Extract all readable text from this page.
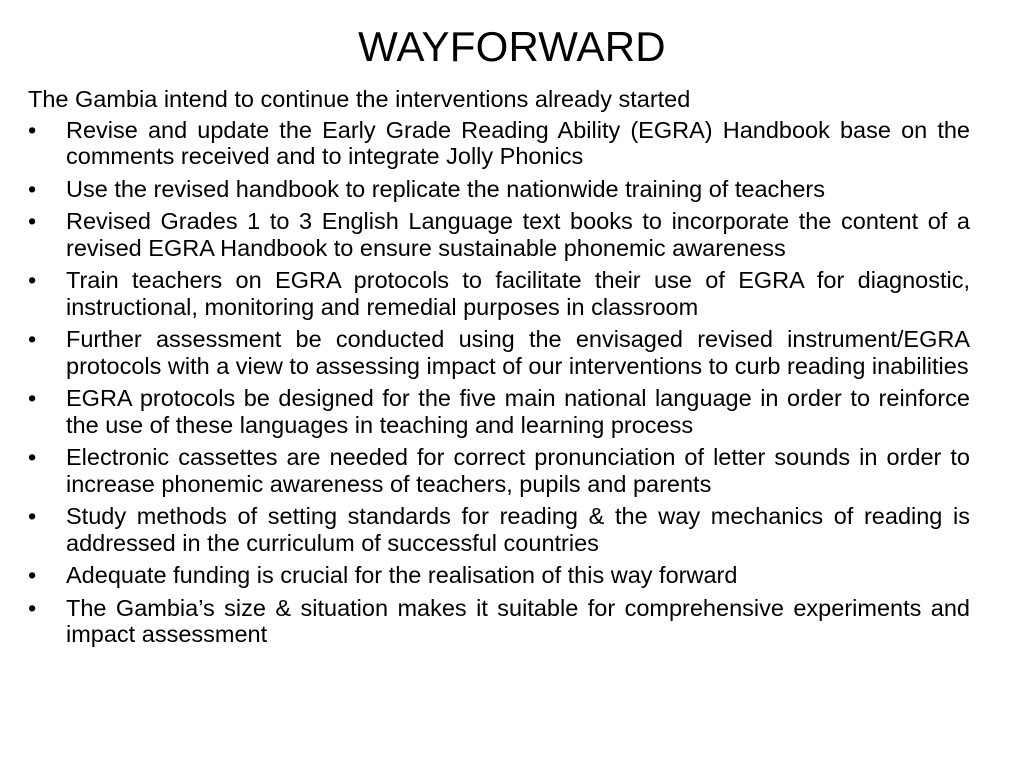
WAYFORWARD

The Gambia intend to continue the interventions already started

• Revise and update the Early Grade Reading Ability (EGRA) Handbook base on the comments received and to integrate Jolly Phonics
• Use the revised handbook to replicate the nationwide training of teachers
• Revised Grades 1 to 3 English Language text books to incorporate the content of a revised EGRA Handbook to ensure sustainable phonemic awareness
• Train teachers on EGRA protocols to facilitate their use of EGRA for diagnostic, instructional, monitoring and remedial purposes in classroom
• Further assessment be conducted using the envisaged revised instrument/EGRA protocols with a view to assessing impact of our interventions to curb reading inabilities
• EGRA protocols be designed for the five main national language in order to reinforce the use of these languages in teaching and learning process
• Electronic cassettes are needed for correct pronunciation of letter sounds in order to increase phonemic awareness of teachers, pupils and parents
• Study methods of setting standards for reading & the way mechanics of reading is addressed in the curriculum of successful countries
• Adequate funding is crucial for the realisation of this way forward
• The Gambia’s size & situation makes it suitable for comprehensive experiments and impact assessment
